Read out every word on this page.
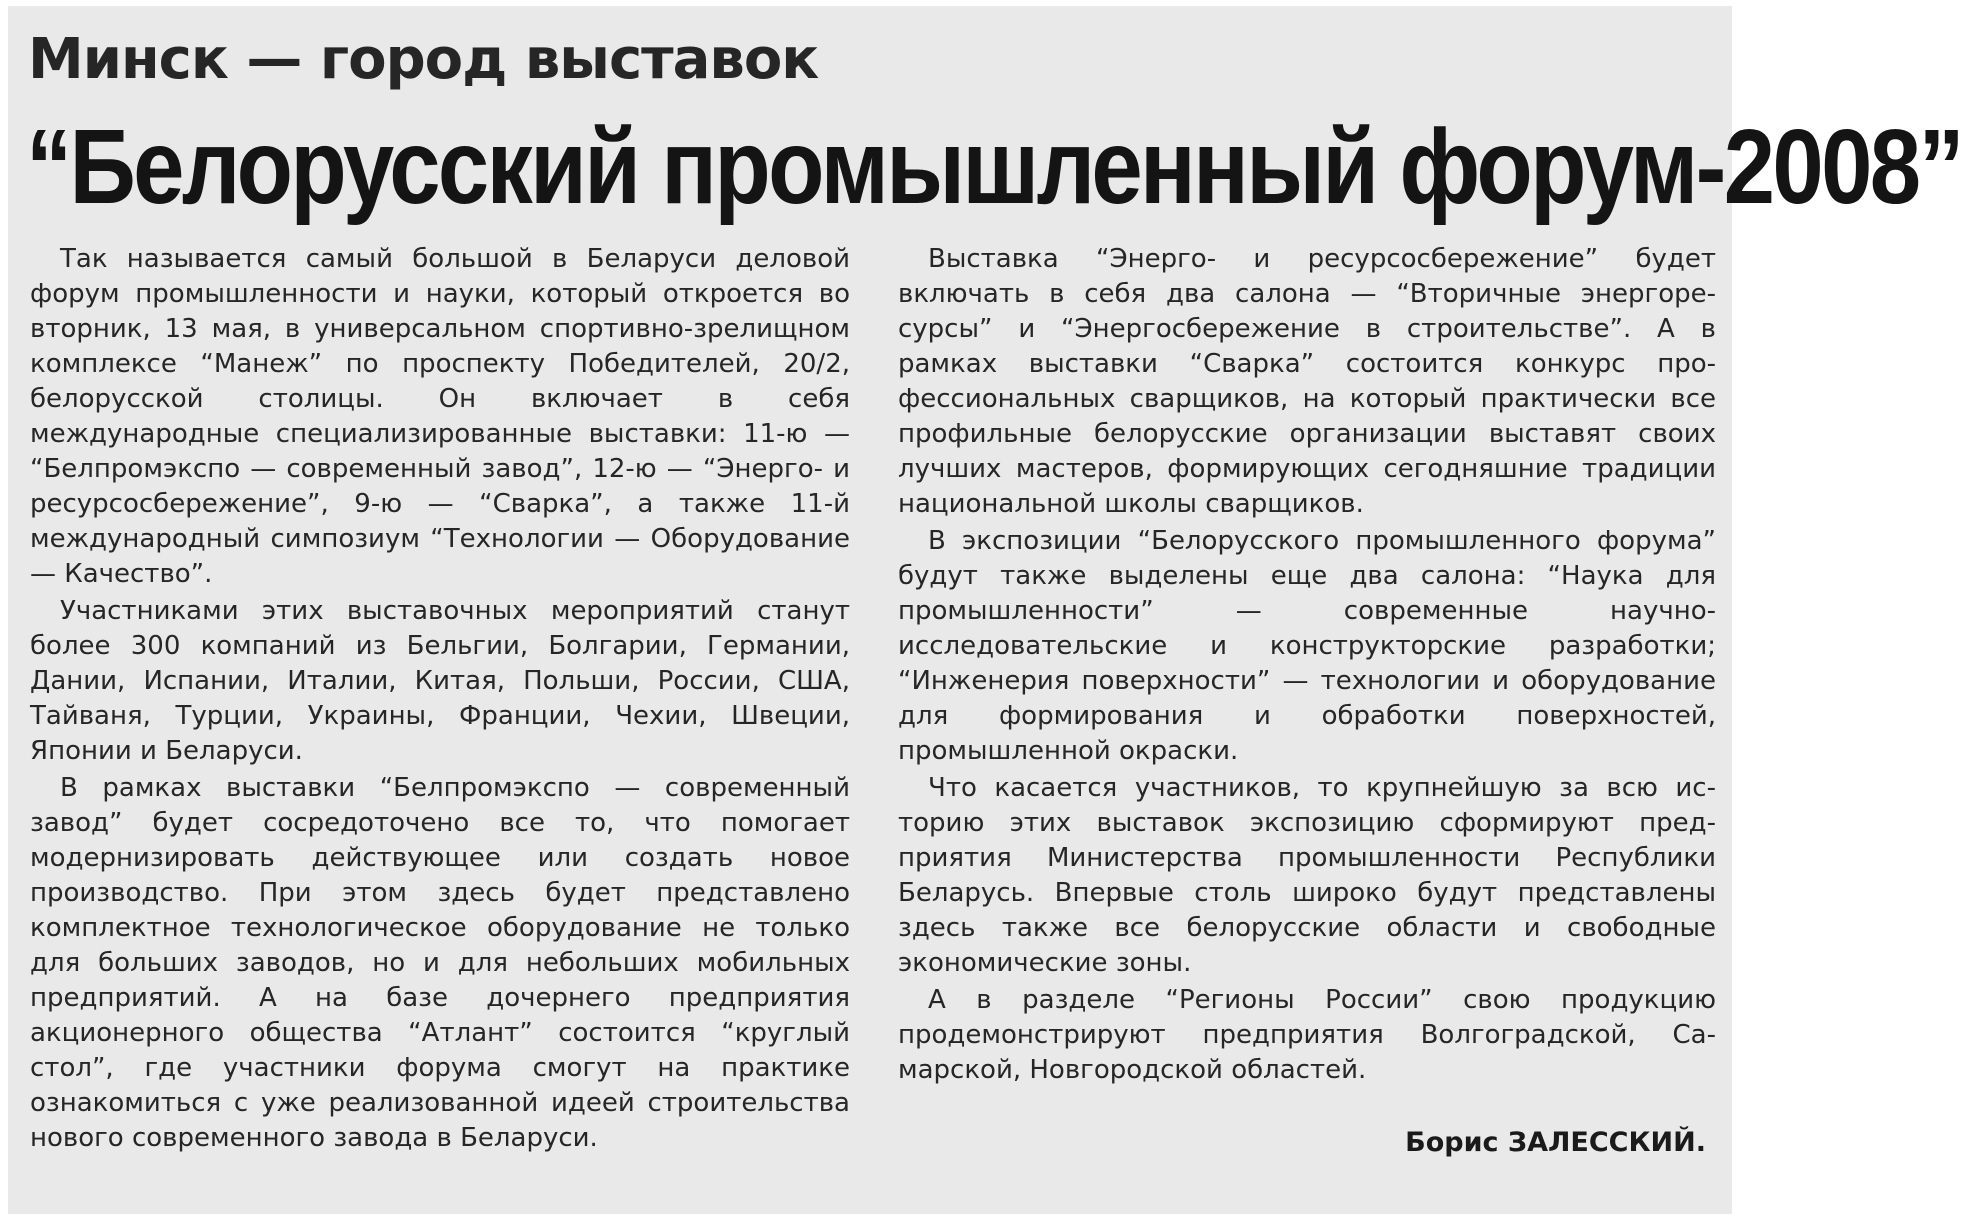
Минск — город выставок
“Белорусский промышленный форум-2008”

Так называется самый большой в Беларуси деловой форум промышленности и науки, который откроется во вторник, 13 мая, в универсальном спортивно-зрелищном комплексе “Манеж” по проспекту Победителей, 20/2, белорусской столицы. Он включает в себя международные специализированные выставки: 11-ю — “Белпромэкспо — современный завод”, 12-ю — “Энерго- и ресурсосбережение”, 9-ю — “Сварка”, а также 11-й международный симпозиум “Технологии — Оборудование — Качество”.

Участниками этих выставочных мероприятий станут более 300 компаний из Бельгии, Болгарии, Германии, Дании, Испании, Италии, Китая, Польши, России, США, Тайваня, Турции, Украины, Франции, Чехии, Швеции, Японии и Беларуси.

В рамках выставки “Белпромэкспо — современный завод” будет сосредоточено все то, что помогает модернизировать действующее или создать новое производство. При этом здесь будет представлено комплектное технологическое оборудование не только для больших заводов, но и для небольших мобильных предприятий. А на базе дочернего предприятия акционерного общества “Атлант” состоится “круглый стол”, где участники форума смогут на практике ознакомиться с уже реализованной идеей строительства нового современного завода в Беларуси.

Выставка “Энерго- и ресурсосбережение” будет включать в себя два салона — “Вторичные энергоресурсы” и “Энергосбережение в строительстве”. А в рамках выставки “Сварка” состоится конкурс профессиональных сварщиков, на который практически все профильные белорусские организации выставят своих лучших мастеров, формирующих сегодняшние традиции национальной школы сварщиков.

В экспозиции “Белорусского промышленного форума” будут также выделены еще два салона: “Наука для промышленности” — современные научно-исследовательские и конструкторские разработки; “Инженерия поверхности” — технологии и оборудование для формирования и обработки поверхностей, промышленной окраски.

Что касается участников, то крупнейшую за всю историю этих выставок экспозицию сформируют предприятия Министерства промышленности Республики Беларусь. Впервые столь широко будут представлены здесь также все белорусские области и свободные экономические зоны.

А в разделе “Регионы России” свою продукцию продемонстрируют предприятия Волгоградской, Самарской, Новгородской областей.

Борис ЗАЛЕССКИЙ.
